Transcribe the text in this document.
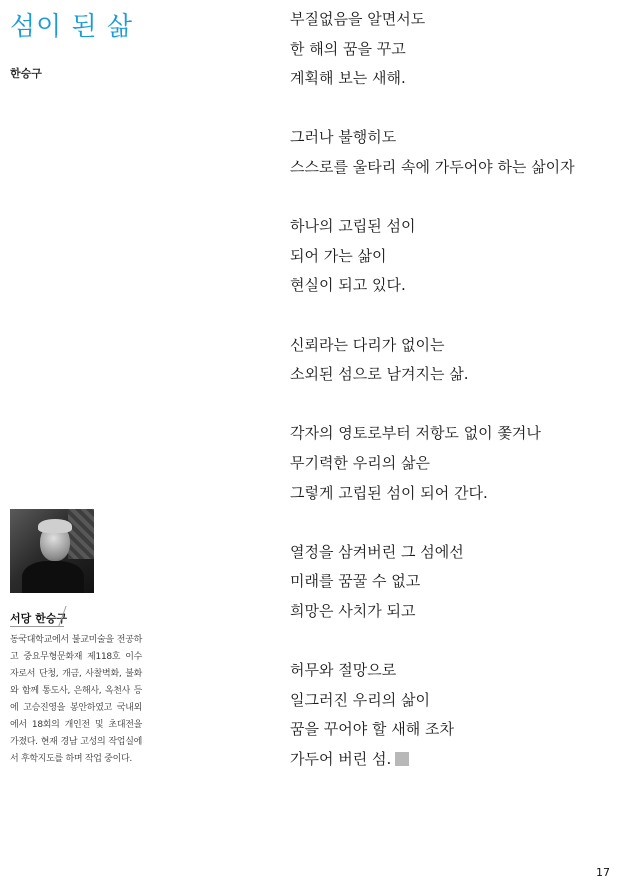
섬이 된 삶
한승구
서당 한승구
동국대학교에서 불교미술을 전공하고 중요무형문화재 제118호 이수자로서 단청, 개금, 사찰벽화, 불화와 함께 통도사, 은해사, 옥천사 등에 고승진영을 봉안하였고 국내외에서 18회의 개인전 및 초대전을 가졌다. 현재 경남 고성의 작업실에서 후학지도를 하며 작업 중이다.
부질없음을 알면서도
한 해의 꿈을 꾸고
계획해 보는 새해.
그러나 불행히도
스스로를 울타리 속에 가두어야 하는 삶이자
하나의 고립된 섬이
되어 가는 삶이
현실이 되고 있다.
신뢰라는 다리가 없이는
소외된 섬으로 남겨지는 삶.
각자의 영토로부터 저항도 없이 쫓겨나
무기력한 우리의 삶은
그렇게 고립된 섬이 되어 간다.
열정을 삼켜버린 그 섬에선
미래를 꿈꿀 수 없고
희망은 사치가 되고
허무와 절망으로
일그러진 우리의 삶이
꿈을 꾸어야 할 새해 조차
가두어 버린 섬.
17
